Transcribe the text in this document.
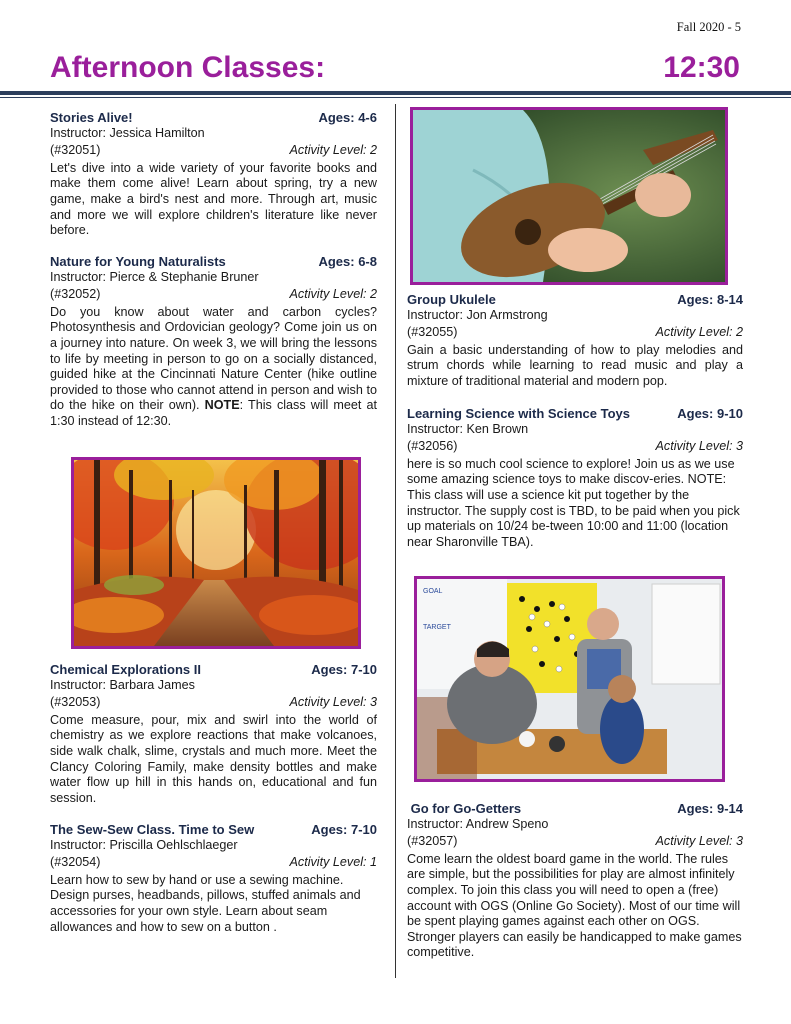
Fall 2020 - 5
Afternoon Classes:	12:30
Stories Alive!	Ages: 4-6
Instructor: Jessica Hamilton
(#32051)	Activity Level: 2
Let's dive into a wide variety of your favorite books and make them come alive! Learn about spring, try a new game, make a bird's nest and more. Through art, music and more we will explore children's literature like never before.
Nature for Young Naturalists	Ages: 6-8
Instructor: Pierce & Stephanie Bruner
(#32052)	Activity Level: 2
Do you know about water and carbon cycles? Photosynthesis and Ordovician geology? Come join us on a journey into nature. On week 3, we will bring the lessons to life by meeting in person to go on a socially distanced, guided hike at the Cincinnati Nature Center (hike outline provided to those who cannot attend in person and wish to do the hike on their own). NOTE: This class will meet at 1:30 instead of 12:30.
Chemical Explorations II	Ages: 7-10
Instructor: Barbara James
(#32053)	Activity Level: 3
Come measure, pour, mix and swirl into the world of chemistry as we explore reactions that make volcanoes, side walk chalk, slime, crystals and much more. Meet the Clancy Coloring Family, make density bottles and make water flow up hill in this hands on, educational and fun session.
The Sew-Sew Class. Time to Sew	Ages: 7-10
Instructor: Priscilla Oehlschlaeger
(#32054)	Activity Level: 1
Learn how to sew by hand or use a sewing machine. Design purses, headbands, pillows, stuffed animals and accessories for your own style. Learn about seam allowances and how to sew on a button .
Group Ukulele	Ages: 8-14
Instructor: Jon Armstrong
(#32055)	Activity Level: 2
Gain a basic understanding of how to play melodies and strum chords while learning to read music and play a mixture of traditional material and modern pop.
Learning Science with Science Toys	Ages: 9-10
Instructor: Ken Brown
(#32056)	Activity Level: 3
here is so much cool science to explore! Join us as we use some amazing science toys to make discov-eries. NOTE: This class will use a science kit put together by the instructor. The supply cost is TBD, to be paid when you pick up materials on 10/24 be-tween 10:00 and 11:00 (location near Sharonville TBA).
GOAL
TARGET
Go for Go-Getters	Ages: 9-14
Instructor: Andrew Speno
(#32057)	Activity Level: 3
Come learn the oldest board game in the world. The rules are simple, but the possibilities for play are almost infinitely complex. To join this class you will need to open a (free) account with OGS (Online Go Society). Most of our time will be spent playing games against each other on OGS. Stronger players can easily be handicapped to make games competitive.
